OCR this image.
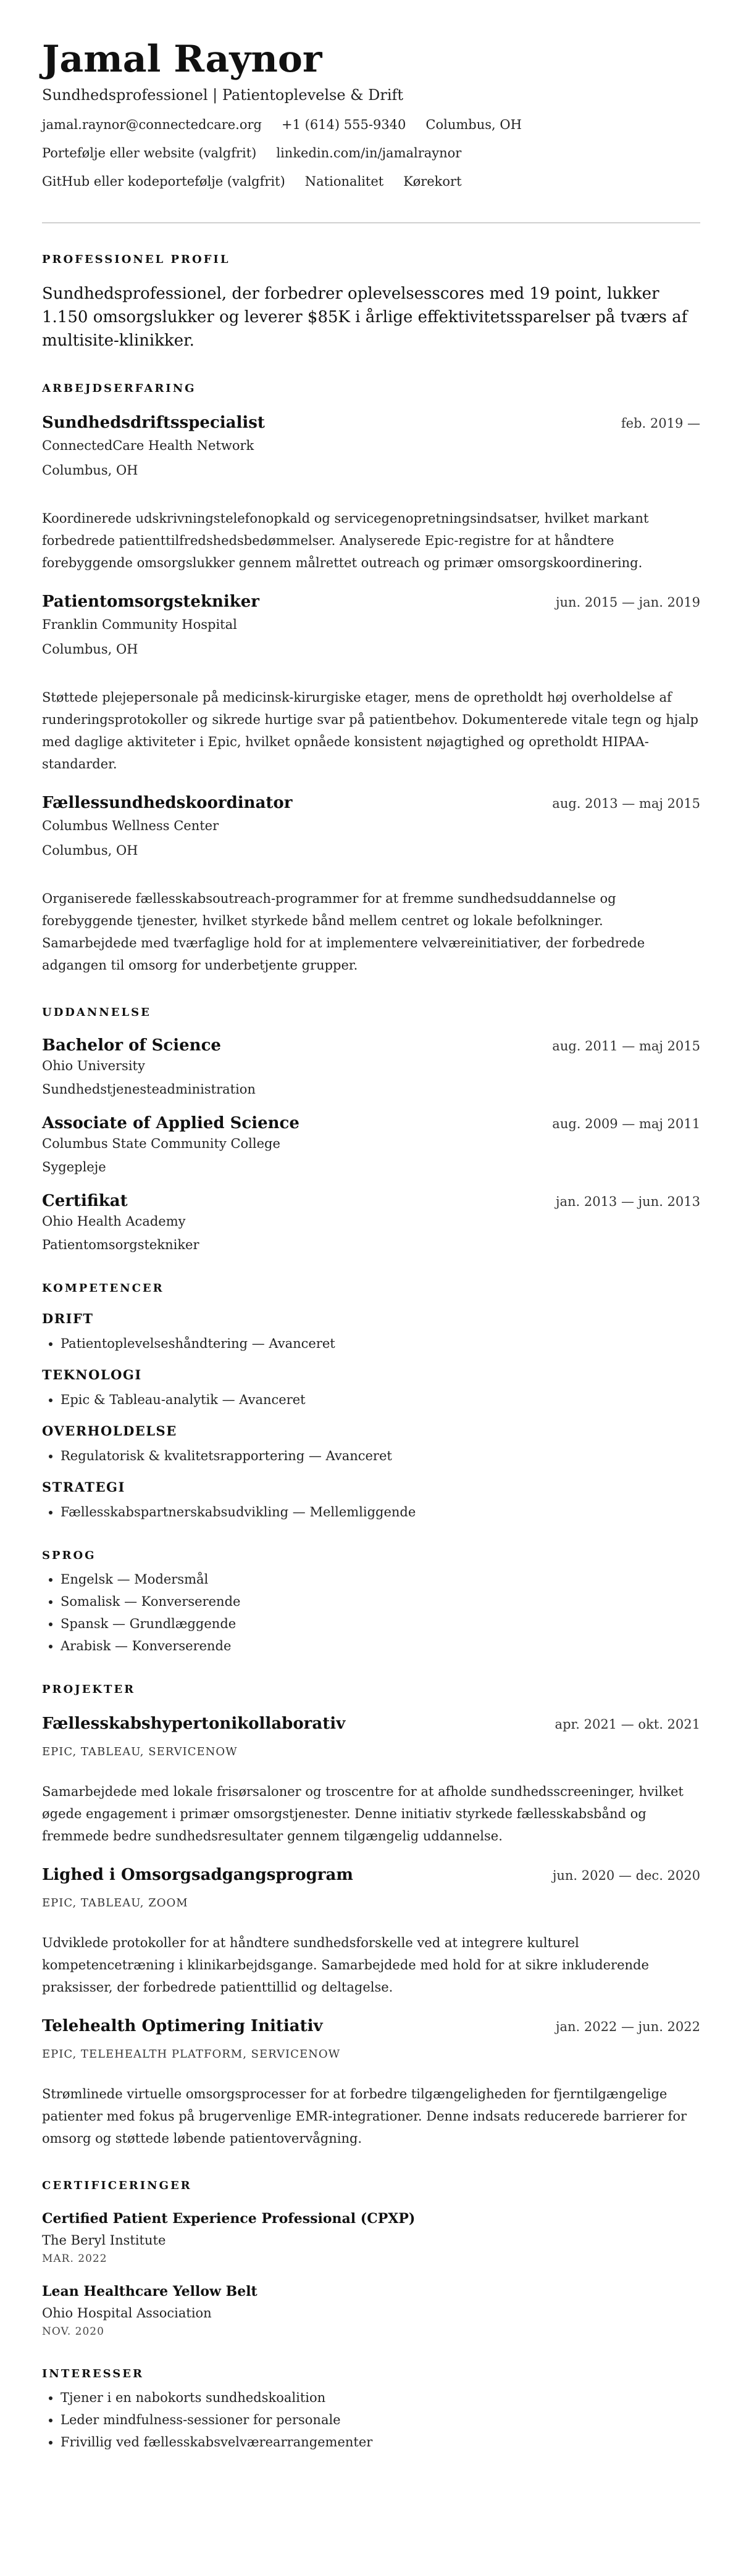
Jamal Raynor
Sundhedsprofessionel | Patientoplevelse & Drift
jamal.raynor@connectedcare.org +1 (614) 555-9340 Columbus, OH
Portefølje eller website (valgfrit) linkedin.com/in/jamalraynor
GitHub eller kodeportefølje (valgfrit) Nationalitet Kørekort
PROFESSIONEL PROFIL
Sundhedsprofessionel, der forbedrer oplevelsesscores med 19 point, lukker 1.150 omsorgslukker og leverer $85K i årlige effektivitetssparelser på tværs af multisite-klinikker.
ARBEJDSERFARING
Sundhedsdriftsspecialist	feb. 2019 —
ConnectedCare Health Network
Columbus, OH
Koordinerede udskrivningstelefonopkald og servicegenopretningsindsatser, hvilket markant forbedrede patienttilfredshedsbedømmelser. Analyserede Epic-registre for at håndtere forebyggende omsorgslukker gennem målrettet outreach og primær omsorgskoordinering.
Patientomsorgstekniker	jun. 2015 — jan. 2019
Franklin Community Hospital
Columbus, OH
Støttede plejepersonale på medicinsk-kirurgiske etager, mens de opretholdt høj overholdelse af runderingsprotokoller og sikrede hurtige svar på patientbehov. Dokumenterede vitale tegn og hjalp med daglige aktiviteter i Epic, hvilket opnåede konsistent nøjagtighed og opretholdt HIPAA-standarder.
Fællessundhedskoordinator	aug. 2013 — maj 2015
Columbus Wellness Center
Columbus, OH
Organiserede fællesskabsoutreach-programmer for at fremme sundhedsuddannelse og forebyggende tjenester, hvilket styrkede bånd mellem centret og lokale befolkninger. Samarbejdede med tværfaglige hold for at implementere velværeinitiativer, der forbedrede adgangen til omsorg for underbetjente grupper.
UDDANNELSE
Bachelor of Science	aug. 2011 — maj 2015
Ohio University
Sundhedstjenesteadministration
Associate of Applied Science	aug. 2009 — maj 2011
Columbus State Community College
Sygepleje
Certifikat	jan. 2013 — jun. 2013
Ohio Health Academy
Patientomsorgstekniker
KOMPETENCER
DRIFT
• Patientoplevelseshåndtering — Avanceret
TEKNOLOGI
• Epic & Tableau-analytik — Avanceret
OVERHOLDELSE
• Regulatorisk & kvalitetsrapportering — Avanceret
STRATEGI
• Fællesskabspartnerskabsudvikling — Mellemliggende
SPROG
• Engelsk — Modersmål
• Somalisk — Konverserende
• Spansk — Grundlæggende
• Arabisk — Konverserende
PROJEKTER
Fællesskabshypertonikollaborativ	apr. 2021 — okt. 2021
EPIC, TABLEAU, SERVICENOW
Samarbejdede med lokale frisørsaloner og troscentre for at afholde sundhedsscreeninger, hvilket øgede engagement i primær omsorgstjenester. Denne initiativ styrkede fællesskabsbånd og fremmede bedre sundhedsresultater gennem tilgængelig uddannelse.
Lighed i Omsorgsadgangsprogram	jun. 2020 — dec. 2020
EPIC, TABLEAU, ZOOM
Udviklede protokoller for at håndtere sundhedsforskelle ved at integrere kulturel kompetencetræning i klinikarbejdsgange. Samarbejdede med hold for at sikre inkluderende praksisser, der forbedrede patienttillid og deltagelse.
Telehealth Optimering Initiativ	jan. 2022 — jun. 2022
EPIC, TELEHEALTH PLATFORM, SERVICENOW
Strømlinede virtuelle omsorgsprocesser for at forbedre tilgængeligheden for fjerntilgængelige patienter med fokus på brugervenlige EMR-integrationer. Denne indsats reducerede barrierer for omsorg og støttede løbende patientovervågning.
CERTIFICERINGER
Certified Patient Experience Professional (CPXP)
The Beryl Institute
MAR. 2022
Lean Healthcare Yellow Belt
Ohio Hospital Association
NOV. 2020
INTERESSER
• Tjener i en nabokorts sundhedskoalition
• Leder mindfulness-sessioner for personale
• Frivillig ved fællesskabsvelværearrangementer
